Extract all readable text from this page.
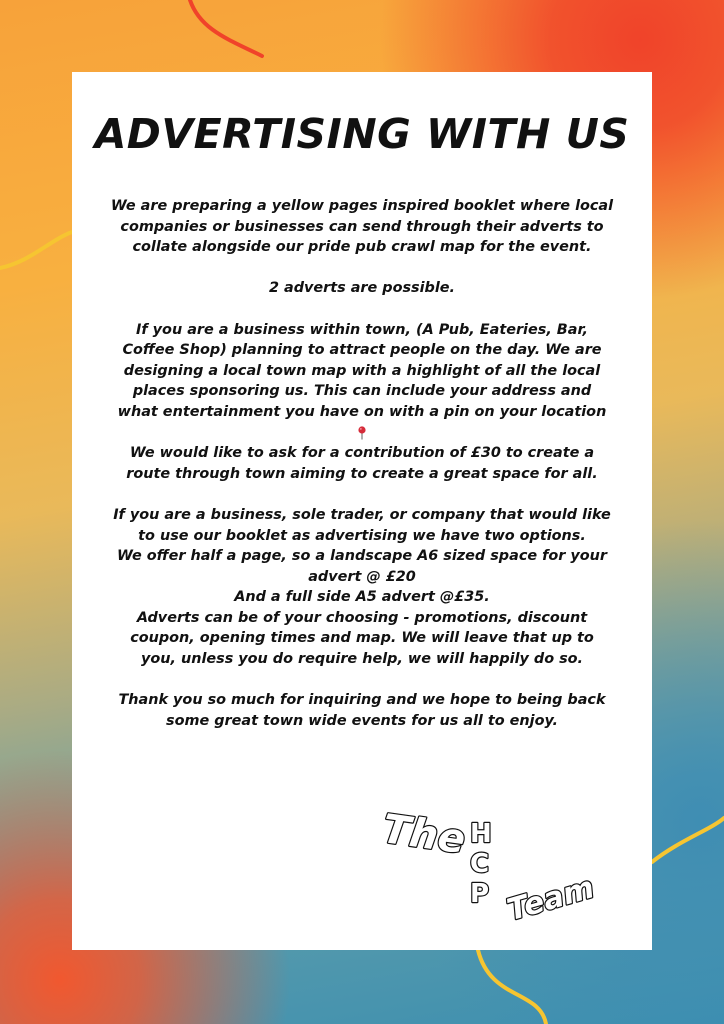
ADVERTISING WITH US

We are preparing a yellow pages inspired booklet where local

companies or businesses can send through their adverts to

collate alongside our pride pub crawl map for the event.

2 adverts are possible.

If you are a business within town, (A Pub, Eateries, Bar,

Coffee Shop) planning to attract people on the day. We are

designing a local town map with a highlight of all the local

places sponsoring us. This can include your address and

what entertainment you have on with a pin on your location

We would like to ask for a contribution of £30 to create a

route through town aiming to create a great space for all.

If you are a business, sole trader, or company that would like

to use our booklet as advertising we have two options.

We offer half a page, so a landscape A6 sized space for your

advert @ £20

And a full side A5 advert @£35.

Adverts can be of your choosing - promotions, discount

coupon, opening times and map. We will leave that up to

you, unless you do require help, we will happily do so.

Thank you so much for inquiring and we hope to being back

some great town wide events for us all to enjoy.

The H
C
P Team
